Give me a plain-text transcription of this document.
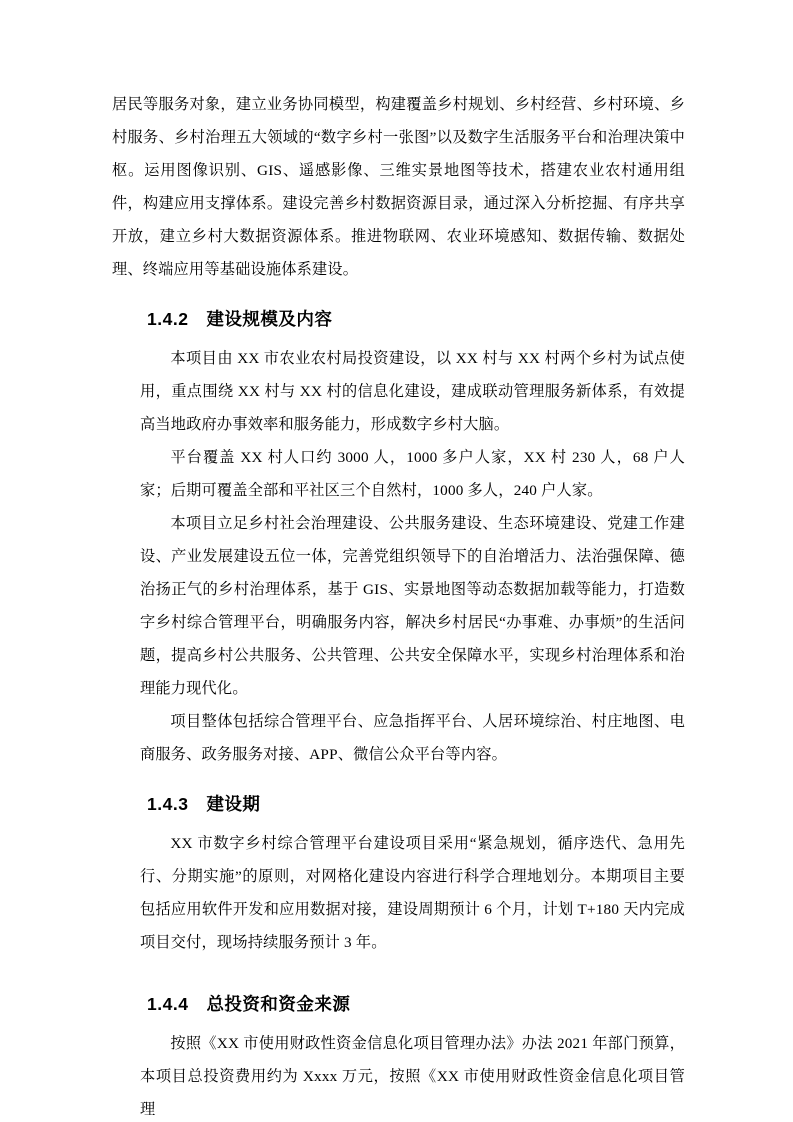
居民等服务对象，建立业务协同模型，构建覆盖乡村规划、乡村经营、乡村环境、乡村服务、乡村治理五大领域的“数字乡村一张图”以及数字生活服务平台和治理决策中枢。运用图像识别、GIS、遥感影像、三维实景地图等技术，搭建农业农村通用组件，构建应用支撑体系。建设完善乡村数据资源目录，通过深入分析挖掘、有序共享开放，建立乡村大数据资源体系。推进物联网、农业环境感知、数据传输、数据处理、终端应用等基础设施体系建设。

1.4.2 建设规模及内容

本项目由 XX 市农业农村局投资建设，以 XX 村与 XX 村两个乡村为试点使用，重点围绕 XX 村与 XX 村的信息化建设，建成联动管理服务新体系，有效提高当地政府办事效率和服务能力，形成数字乡村大脑。

平台覆盖 XX 村人口约 3000 人，1000 多户人家，XX 村 230 人，68 户人家；后期可覆盖全部和平社区三个自然村，1000 多人，240 户人家。

本项目立足乡村社会治理建设、公共服务建设、生态环境建设、党建工作建设、产业发展建设五位一体，完善党组织领导下的自治增活力、法治强保障、德治扬正气的乡村治理体系，基于 GIS、实景地图等动态数据加载等能力，打造数字乡村综合管理平台，明确服务内容，解决乡村居民“办事难、办事烦”的生活问题，提高乡村公共服务、公共管理、公共安全保障水平，实现乡村治理体系和治理能力现代化。

项目整体包括综合管理平台、应急指挥平台、人居环境综治、村庄地图、电商服务、政务服务对接、APP、微信公众平台等内容。

1.4.3 建设期

XX 市数字乡村综合管理平台建设项目采用“紧急规划，循序迭代、急用先行、分期实施”的原则，对网格化建设内容进行科学合理地划分。本期项目主要包括应用软件开发和应用数据对接，建设周期预计 6 个月，计划 T+180 天内完成项目交付，现场持续服务预计 3 年。

1.4.4 总投资和资金来源

按照《XX 市使用财政性资金信息化项目管理办法》办法 2021 年部门预算，本项目总投资费用约为 Xxxx 万元，按照《XX 市使用财政性资金信息化项目管理
